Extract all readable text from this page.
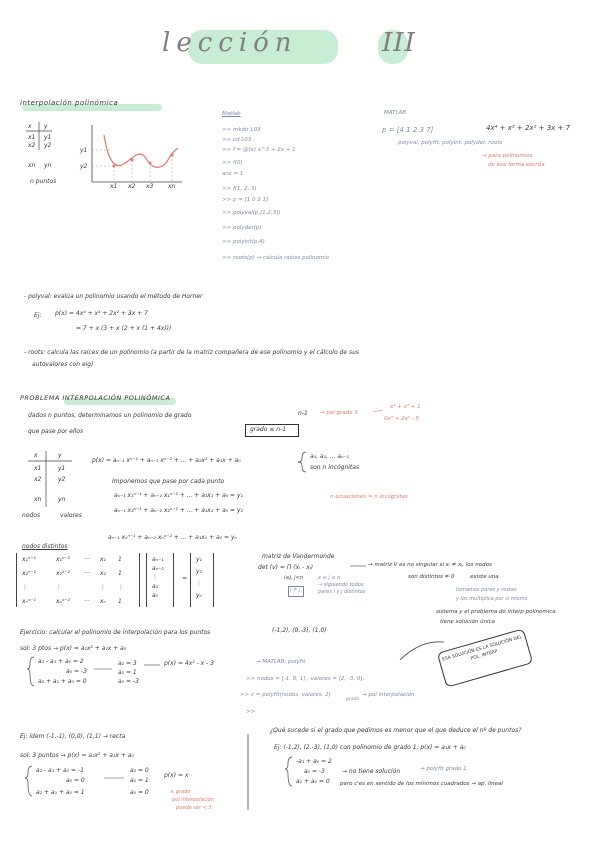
lección	III
interpolación polinómica
x y
x1 y1
x2 y2
xn yn
n puntos
y1
y2
x1 x2 x3 xn
Matlab
>> mkdir L03
>> cd L03
>> f = @(x) x^3 + 2x + 1
>> f(0)
ans = 1
>> f(1, 2, 3)
>> p = [1 0 2 1]
>> polyval(p,[1,2,3])
>> polyder(p)
>> polyint(p,4)
>> roots(p) → calcula raíces polinomio
MATLAB
p = [4 1 2 3 7]	4x⁴ + x³ + 2x² + 3x + 7
polyval, polyfit, polyint, polyder, roots
→ para polinomios
de esa forma escrita
- polyval: evalúa un polinomio usando el método de Horner
Ej: p(x) = 4x⁴ + x³ + 2x² + 3x + 7
= 7 + x (3 + x (2 + x (1 + 4x)))
- roots: calcula las raíces de un polinomio (a partir de la matriz compañera de ese polinomio y el cálculo de sus
autovalores con eig)
PROBLEMA INTERPOLACIÓN POLINÓMICA
dados n puntos, determinamos un polinomio de grado	n-1 → pol grado 3
que pase por ellos	grado ≤ n-1
x³ + x² + 1
0x³ + 2x² - 5
x	y
x1	y1
x2	y2
xn	yn
nodos	valores
p(x) = aₙ₋₁ xⁿ⁻¹ + aₙ₋₂ xⁿ⁻² + ... + a₂x² + a₁x + a₀
a₀, a₁, ... aₙ₋₁
son n incógnitas
Imponemos que pase por cada punto
aₙ₋₁ x₁ⁿ⁻¹ + aₙ₋₂ x₁ⁿ⁻² + ... + a₁x₁ + a₀ = y₁
aₙ₋₁ x₂ⁿ⁻¹ + aₙ₋₂ x₂ⁿ⁻² + ... + a₁x₂ + a₀ = y₂
aₙ₋₁ xₙⁿ⁻¹ + aₙ₋₂ xₙⁿ⁻² + ... + a₁xₙ + a₀ = yₙ
n ecuaciones = n incógnitas
nodos distintos
x₁ⁿ⁻¹	x₁ⁿ⁻² ··· x₁ 1
x₂ⁿ⁻¹	x₂ⁿ⁻² ··· x₂ 1
⋮	⋮	⋮ ⋮
xₙⁿ⁻¹	xₙⁿ⁻² ··· xₙ 1
aₙ₋₁
aₙ₋₂
⋮
a₁
a₀
y₁
y₂
⋮
yₙ
=
matriz de Vandermonde
det (v) = Π (xᵢ - xⱼ)
i≤j, j<n
i ≠ j
x ≤ j ≤ n
→ siguiendo todos
pares i y j distintos
→ matriz V es no singular si xᵢ ≠ xⱼ, los nodos
son distintos ≠ 0	existe una
tomamos pares y restas
y los multiplica por si mismo
sistema y el problema de interp polinómica
tiene solución única
ESA SOLUCIÓN ES LA SOLUCIÓN DEL POL. INTERP
Ejercicio: calcular el polinomio de interpolación para los puntos	(-1,2), (0,-3), (1,0)
sol: 3 ptos → p(x) = a₂x² + a₁x + a₀
a₂ - a₁ + a₀ = 2
a₀ = -3
a₂ + a₁ + a₀ = 0
a₂ = 3
a₁ = 1
a₀ = -3
p(x) = 4x² - x - 3	→ MATLAB: polyfit
>> nodos = [-1, 0, 1] , valores = [2, -3, 0],
>> c = polyfit(nodos, valores, 2)
grado
→ pol interpolación
>>
Ej: ídem (-1,-1), (0,0), (1,1) → recta
sol: 3 puntos → p(x) = a₂x² + a₁x + a₀
a₂ - a₁ + a₀ = -1
a₀ = 0
a₂ + a₁ + a₀ = 1
a₂ = 0
a₁ = 1
a₀ = 0
p(x) = x
≤ grado
pol interpolación
puede ser < 3
¿Qué sucede si el grado que pedimos es menor que el que deduce el nº de puntos?
Ej: (-1,2), (2,-3), (1,0) con polinomio de grado 1, p(x) = a₁x + a₀
-a₁ + a₀ = 2
a₀ = -3
a₁ + a₀ = 0
→ no tiene solución	→ polyfit grado 1
pero c'es en sentido de los mínimos cuadrados → ap. lineal
